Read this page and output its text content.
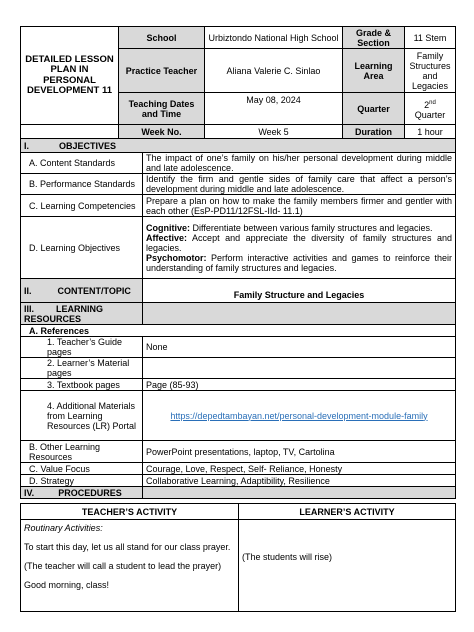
DETAILED LESSON PLAN IN PERSONAL DEVELOPMENT 11	School	Urbiztondo National High School	Grade & Section	11 Stem
	Practice Teacher	Aliana Valerie C. Sinlao	Learning Area	Family Structures and Legacies
	Teaching Dates and Time	May 08, 2024	Quarter	2nd Quarter
	Week No.	Week 5	Duration	1 hour
I. OBJECTIVES	
A. Content Standards	The impact of one’s family on his/her personal development during middle and late adolescence.
B. Performance Standards	Identify the firm and gentle sides of family care that affect a person’s development during middle and late adolescence.
C. Learning Competencies	Prepare a plan on how to make the family members firmer and gentler with each other (EsP-PD11/12FSL-IId- 11.1)
D. Learning Objectives	Cognitive: Differentiate between various family structures and legacies.

Affective: Accept and appreciate the diversity of family structures and legacies.

Psychomotor: Perform interactive activities and games to reinforce their understanding of family structures and legacies.

II. CONTENT/TOPIC	Family Structure and Legacies
III. LEARNING RESOURCES	
A. References	
1. Teacher’s Guide pages	None
2. Learner’s Material pages	
3. Textbook pages	Page (85-93)
4. Additional Materials from Learning Resources (LR) Portal	https://depedtambayan.net/personal-development-module-family
B. Other Learning Resources	PowerPoint presentations, laptop, TV, Cartolina
C. Value Focus	Courage, Love, Respect, Self- Reliance, Honesty
D. Strategy	Collaborative Learning, Adaptibility, Resilience
IV. PROCEDURES	
TEACHER’S ACTIVITY	LEARNER’S ACTIVITY

Routinary Activities:

To start this day, let us all stand for our class prayer.

(The teacher will call a student to lead the prayer)

Good morning, class!	(The students will rise)
